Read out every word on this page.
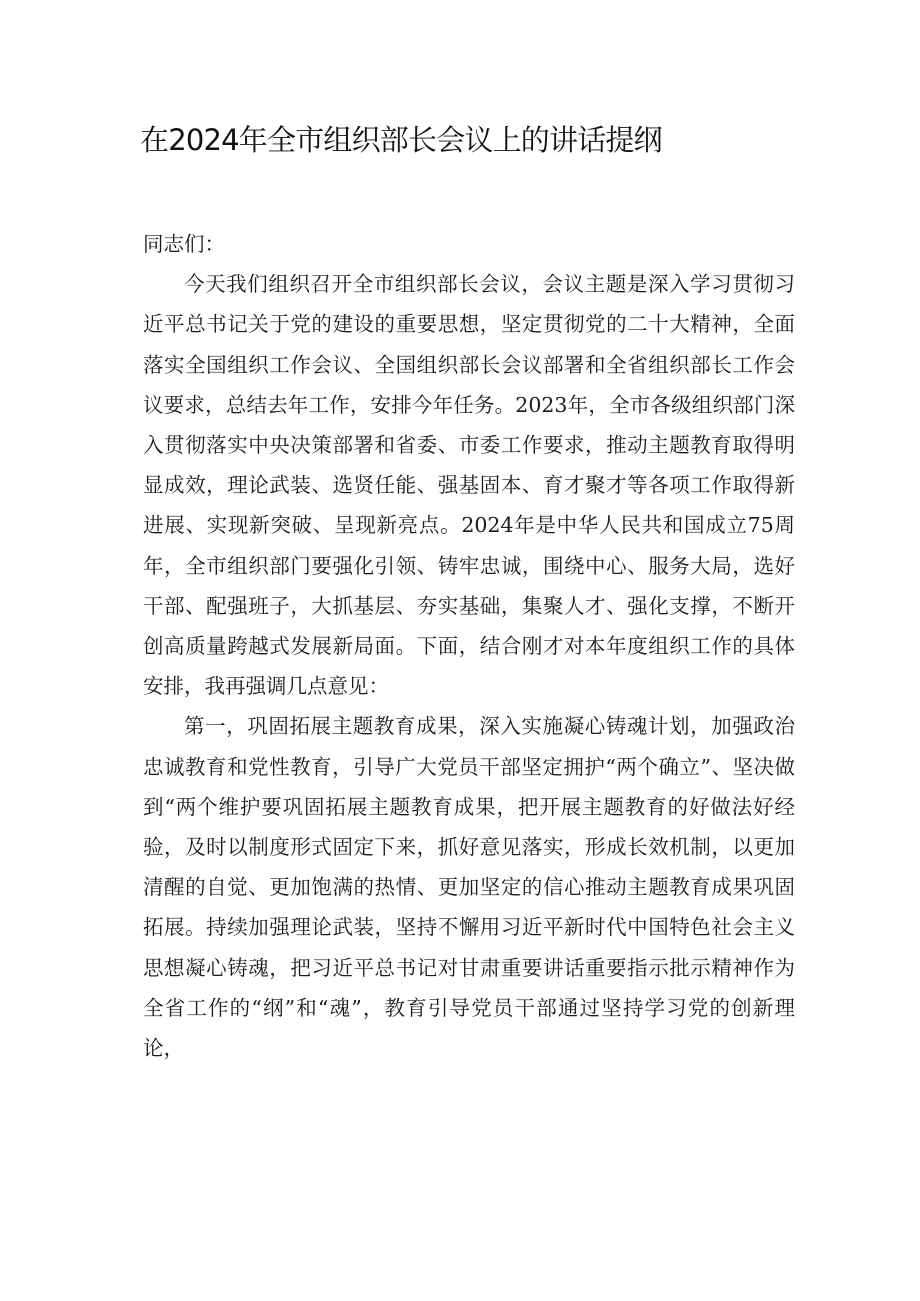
在2024年全市组织部长会议上的讲话提纲

同志们：

今天我们组织召开全市组织部长会议，会议主题是深入学习贯彻习近平总书记关于党的建设的重要思想，坚定贯彻党的二十大精神，全面落实全国组织工作会议、全国组织部长会议部署和全省组织部长工作会议要求，总结去年工作，安排今年任务。2023年，全市各级组织部门深入贯彻落实中央决策部署和省委、市委工作要求，推动主题教育取得明显成效，理论武装、选贤任能、强基固本、育才聚才等各项工作取得新进展、实现新突破、呈现新亮点。2024年是中华人民共和国成立75周年，全市组织部门要强化引领、铸牢忠诚，围绕中心、服务大局，选好干部、配强班子，大抓基层、夯实基础，集聚人才、强化支撑，不断开创高质量跨越式发展新局面。下面，结合刚才对本年度组织工作的具体安排，我再强调几点意见：

第一，巩固拓展主题教育成果，深入实施凝心铸魂计划，加强政治忠诚教育和党性教育，引导广大党员干部坚定拥护“两个确立”、坚决做到“两个维护要巩固拓展主题教育成果，把开展主题教育的好做法好经验，及时以制度形式固定下来，抓好意见落实，形成长效机制，以更加清醒的自觉、更加饱满的热情、更加坚定的信心推动主题教育成果巩固拓展。持续加强理论武装，坚持不懈用习近平新时代中国特色社会主义思想凝心铸魂，把习近平总书记对甘肃重要讲话重要指示批示精神作为全省工作的“纲”和“魂”，教育引导党员干部通过坚持学习党的创新理论，
